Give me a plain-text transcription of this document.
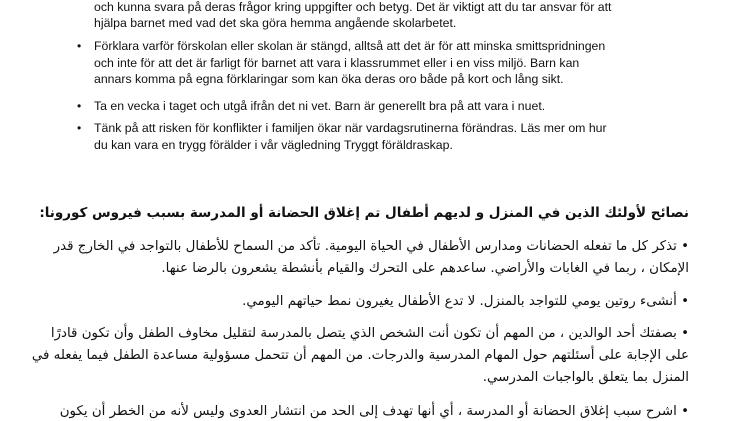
och kunna svara på deras frågor kring uppgifter och betyg. Det är viktigt att du tar ansvar för att
hjälpa barnet med vad det ska göra hemma angående skolarbetet.
• Förklara varför förskolan eller skolan är stängd, alltså att det är för att minska smittspridningen
och inte för att det är farligt för barnet att vara i klassrummet eller i en viss miljö. Barn kan
annars komma på egna förklaringar som kan öka deras oro både på kort och lång sikt.
• Ta en vecka i taget och utgå ifrån det ni vet. Barn är generellt bra på att vara i nuet.
• Tänk på att risken för konflikter i familjen ökar när vardagsrutinerna förändras. Läs mer om hur
du kan vara en trygg förälder i vår vägledning Tryggt föräldraskap.
نصائح لأولئك الذين في المنزل و لديهم أطفال تم إغلاق الحضانة أو المدرسة بسبب فيروس كورونا:
• تذكر كل ما تفعله الحضانات ومدارس الأطفال في الحياة اليومية. تأكد من السماح للأطفال بالتواجد في الخارج قدر
الإمكان ، ربما في الغابات والأراضي. ساعدهم على التحرك والقيام بأنشطة يشعرون بالرضا عنها.
• أنشىء روتين يومي للتواجد بالمنزل. لا تدع الأطفال يغيرون نمط حياتهم اليومي.
• بصفتك أحد الوالدين ، من المهم أن تكون أنت الشخص الذي يتصل بالمدرسة لتقليل مخاوف الطفل وأن تكون قادرًا
على الإجابة على أسئلتهم حول المهام المدرسية والدرجات. من المهم أن تتحمل مسؤولية مساعدة الطفل فيما يفعله في
المنزل بما يتعلق بالواجبات المدرسي.
• اشرح سبب إغلاق الحضانة أو المدرسة ، أي أنها تهدف إلى الحد من انتشار العدوى وليس لأنه من الخطر أن يكون
